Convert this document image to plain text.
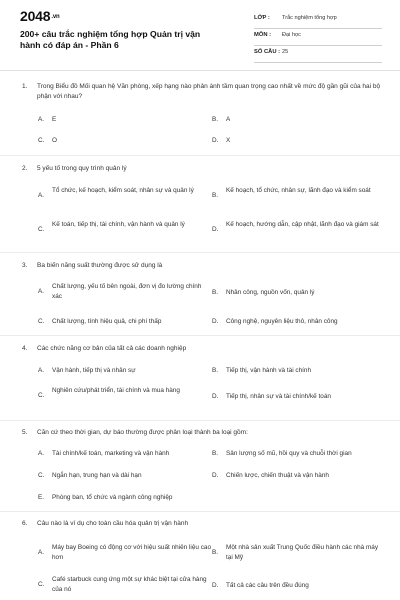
2048.vn
200+ câu trắc nghiệm tổng hợp Quản trị vận hành có đáp án - Phần 6
LỚP : Trắc nghiệm tổng hợp
MÔN : Đại học
SỐ CÂU : 25
1. Trong Biểu đồ Mối quan hệ Văn phòng, xếp hạng nào phản ánh tầm quan trọng cao nhất về mức độ gần gũi của hai bộ phận với nhau?
A. E	B. A
C. O	D. X
2. 5 yếu tố trong quy trình quản lý
A.
Tổ chức, kế hoạch, kiểm soát, nhân sự và quản lý
B.
Kế hoạch, tổ chức, nhân sự, lãnh đạo và kiểm soát
C.
Kế toán, tiếp thị, tài chính, vận hành và quản lý
D.
Kế hoạch, hướng dẫn, cập nhật, lãnh đạo và giám sát
3. Ba biến năng suất thường được sử dụng là
A.
Chất lượng, yếu tố bên ngoài, đơn vị đo lường chính xác
B. Nhân công, nguồn vốn, quản lý
C. Chất lượng, tính hiệu quả, chi phí thấp	D. Công nghệ, nguyên liệu thô, nhân công
4. Các chức năng cơ bản của tất cả các doanh nghiệp
A. Vận hành, tiếp thị và nhân sự	B. Tiếp thị, vận hành và tài chính
C.
Nghiên cứu/phát triển, tài chính và mua hàng
D. Tiếp thị, nhân sự và tài chính/kế toán
5. Căn cứ theo thời gian, dự báo thường được phân loại thành ba loại gồm:
A. Tài chính/kế toán, marketing và vận hành	B. Sản lượng số mũ, hồi quy và chuỗi thời gian
C. Ngắn hạn, trung hạn và dài hạn	D. Chiến lược, chiến thuật và vận hành
E. Phòng ban, tổ chức và ngành công nghiệp
6. Câu nào là ví dụ cho toàn cầu hóa quản trị vận hành
A.
Máy bay Boeing có động cơ với hiệu suất nhiên liệu cao hơn
B.
Một nhà sản xuất Trung Quốc điều hành các nhà máy tại Mỹ
C.
Café starbuck cung ứng một sự khác biệt tại cửa hàng của nó
D. Tất cả các câu trên đều đúng
